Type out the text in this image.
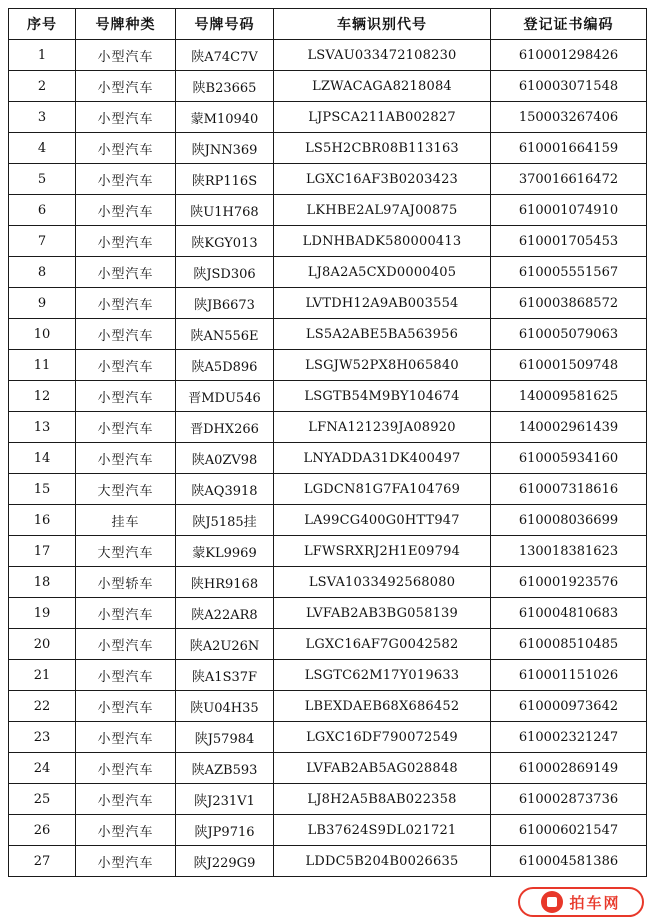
序号	号牌种类	号牌号码	车辆识别代号	登记证书编码
1	小型汽车	陕A74C7V	LSVAU033472108230	610001298426
2	小型汽车	陕B23665	LZWACAGA8218084	610003071548
3	小型汽车	蒙M10940	LJPSCA211AB002827	150003267406
4	小型汽车	陕JNN369	LS5H2CBR08B113163	610001664159
5	小型汽车	陕RP116S	LGXC16AF3B0203423	370016616472
6	小型汽车	陕U1H768	LKHBE2AL97AJ00875	610001074910
7	小型汽车	陕KGY013	LDNHBADK580000413	610001705453
8	小型汽车	陕JSD306	LJ8A2A5CXD0000405	610005551567
9	小型汽车	陕JB6673	LVTDH12A9AB003554	610003868572
10	小型汽车	陕AN556E	LS5A2ABE5BA563956	610005079063
11	小型汽车	陕A5D896	LSGJW52PX8H065840	610001509748
12	小型汽车	晋MDU546	LSGTB54M9BY104674	140009581625
13	小型汽车	晋DHX266	LFNA121239JA08920	140002961439
14	小型汽车	陕A0ZV98	LNYADDA31DK400497	610005934160
15	大型汽车	陕AQ3918	LGDCN81G7FA104769	610007318616
16	挂车	陕J5185挂	LA99CG400G0HTT947	610008036699
17	大型汽车	蒙KL9969	LFWSRXRJ2H1E09794	130018381623
18	小型轿车	陕HR9168	LSVA1033492568080	610001923576
19	小型汽车	陕A22AR8	LVFAB2AB3BG058139	610004810683
20	小型汽车	陕A2U26N	LGXC16AF7G0042582	610008510485
21	小型汽车	陕A1S37F	LSGTC62M17Y019633	610001151026
22	小型汽车	陕U04H35	LBEXDAEB68X686452	610000973642
23	小型汽车	陕J57984	LGXC16DF790072549	610002321247
24	小型汽车	陕AZB593	LVFAB2AB5AG028848	610002869149
25	小型汽车	陕J231V1	LJ8H2A5B8AB022358	610002873736
26	小型汽车	陕JP9716	LB37624S9DL021721	610006021547
27	小型汽车	陕J229G9	LDDC5B204B0026635	610004581386
拍车网
